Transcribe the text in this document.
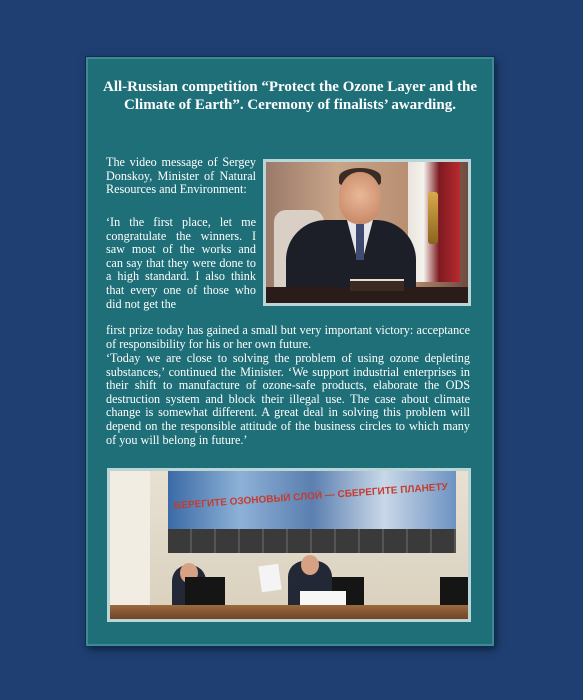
All-Russian competition “Protect the Ozone Layer and the Climate of Earth”. Ceremony of finalists’ awarding.
The video message of Sergey Donskoy, Minister of Natural Resources and Environment:
‘In the first place, let me congratulate the winners. I saw most of the works and can say that they were done to a high standard. I also think that every one of those who did not get the
first prize today has gained a small but very important victory: acceptance of responsibility for his or her own future.
‘Today we are close to solving the problem of using ozone depleting substances,’ continued the Minister. ‘We support industrial enterprises in their shift to manufacture of ozone-safe products, elaborate the ODS destruction system and block their illegal use. The case about climate change is somewhat different. A great deal in solving this problem will depend on the responsible attitude of the business circles to which many of you will belong in future.’
БЕРЕГИТЕ ОЗОНОВЫЙ СЛОЙ — СБЕРЕГИТЕ ПЛАНЕТУ
